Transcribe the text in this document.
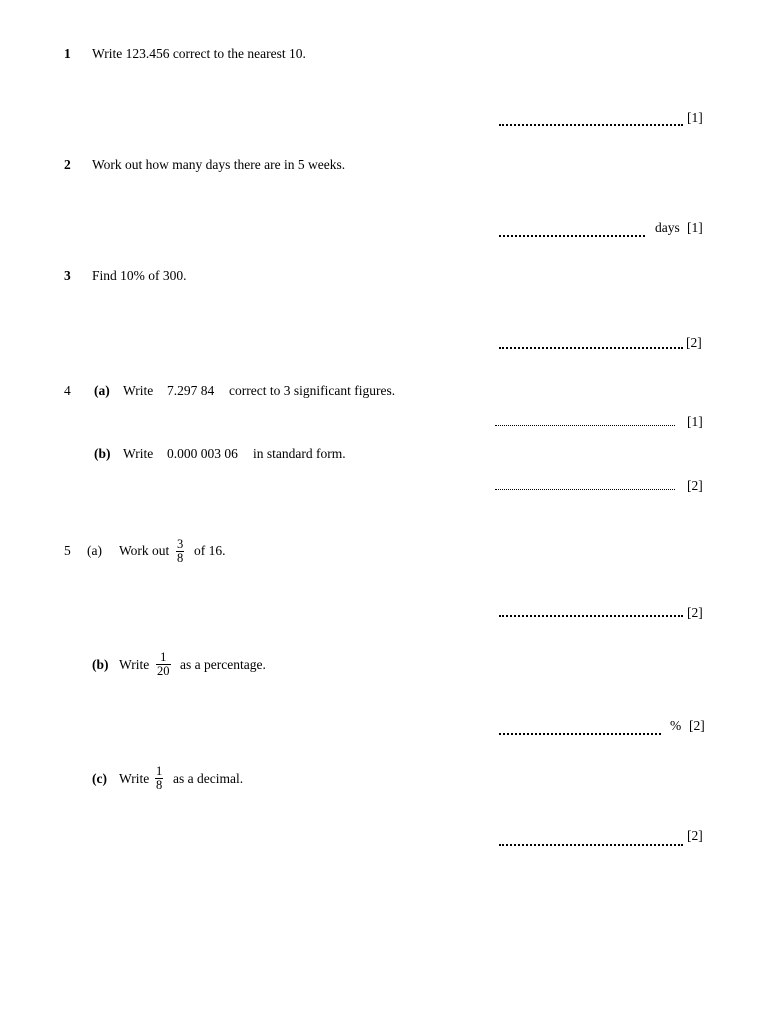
1 Write 123.456 correct to the nearest 10.
[1]
2 Work out how many days there are in 5 weeks.
days [1]
3 Find 10% of 300.
[2]
4 (a) Write 7.297 84 correct to 3 significant figures.
[1]
(b) Write 0.000 003 06 in standard form.
[2]
5 (a) Work out 3
8 of 16.
[2]
(b) Write 1
20 as a percentage.
% [2]
(c) Write 1
8 as a decimal.
[2]
